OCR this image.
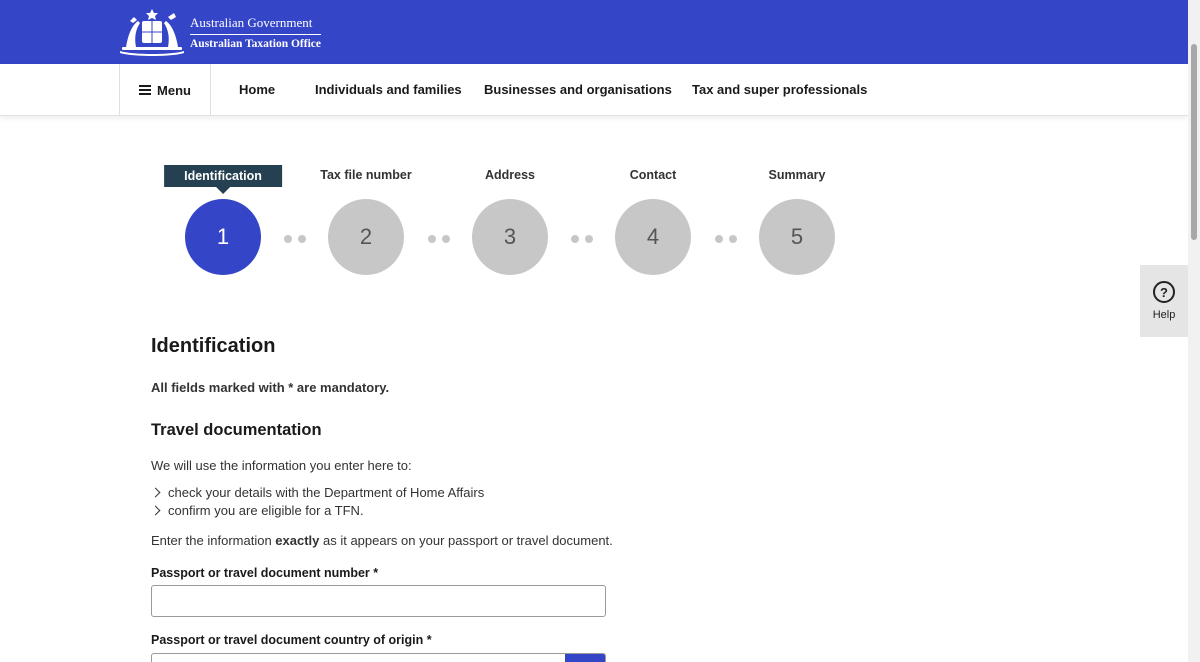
Australian Government
Australian Taxation Office
Menu	Home	Individuals and families Businesses and organisations Tax and super professionals
Identification	Tax file number	Address	Contact	Summary
1	2	3	4	5
?
Help
Identification
All fields marked with * are mandatory.
Travel documentation
We will use the information you enter here to:
check your details with the Department of Home Affairs
confirm you are eligible for a TFN.
Enter the information exactly as it appears on your passport or travel document.
Passport or travel document number *
Passport or travel document country of origin *
